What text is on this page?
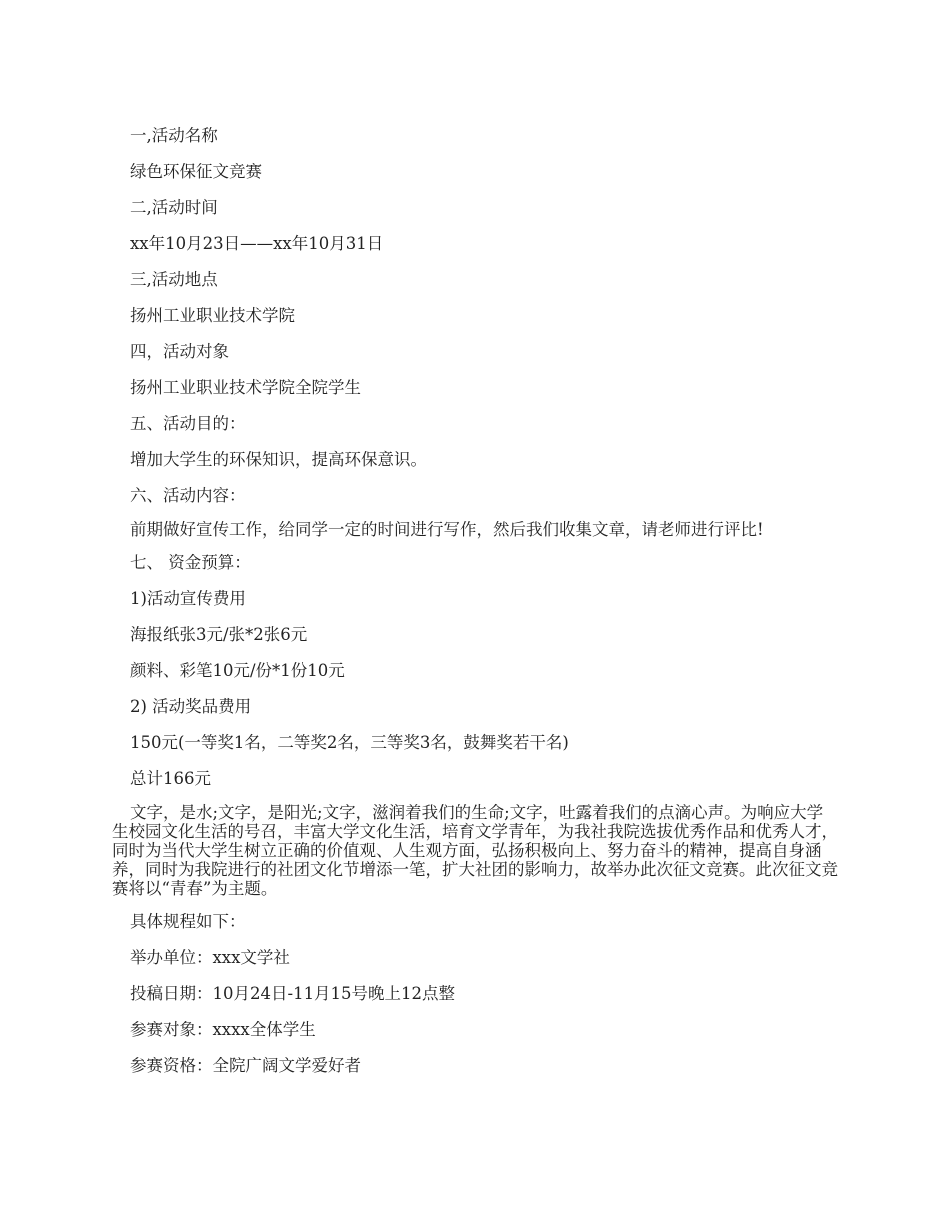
一,活动名称

绿色环保征文竞赛

二,活动时间

xx年10月23日——xx年10月31日

三,活动地点

扬州工业职业技术学院

四，活动对象

扬州工业职业技术学院全院学生

五、活动目的：

增加大学生的环保知识，提高环保意识。

六、活动内容：

前期做好宣传工作，给同学一定的时间进行写作，然后我们收集文章，请老师进行评比!

七、 资金预算：

1)活动宣传费用

海报纸张3元/张*2张6元

颜料、彩笔10元/份*1份10元

2) 活动奖品费用

150元(一等奖1名，二等奖2名，三等奖3名，鼓舞奖若干名)

总计166元

文字，是水;文字，是阳光;文字，滋润着我们的生命;文字，吐露着我们的点滴心声。为响应大学生校园文化生活的号召，丰富大学文化生活，培育文学青年，为我社我院选拔优秀作品和优秀人才，同时为当代大学生树立正确的价值观、人生观方面，弘扬积极向上、努力奋斗的精神，提高自身涵养，同时为我院进行的社团文化节增添一笔，扩大社团的影响力，故举办此次征文竞赛。此次征文竞赛将以“青春”为主题。

具体规程如下：

举办单位：xxx文学社

投稿日期：10月24日-11月15号晚上12点整

参赛对象：xxxx全体学生

参赛资格：全院广阔文学爱好者
